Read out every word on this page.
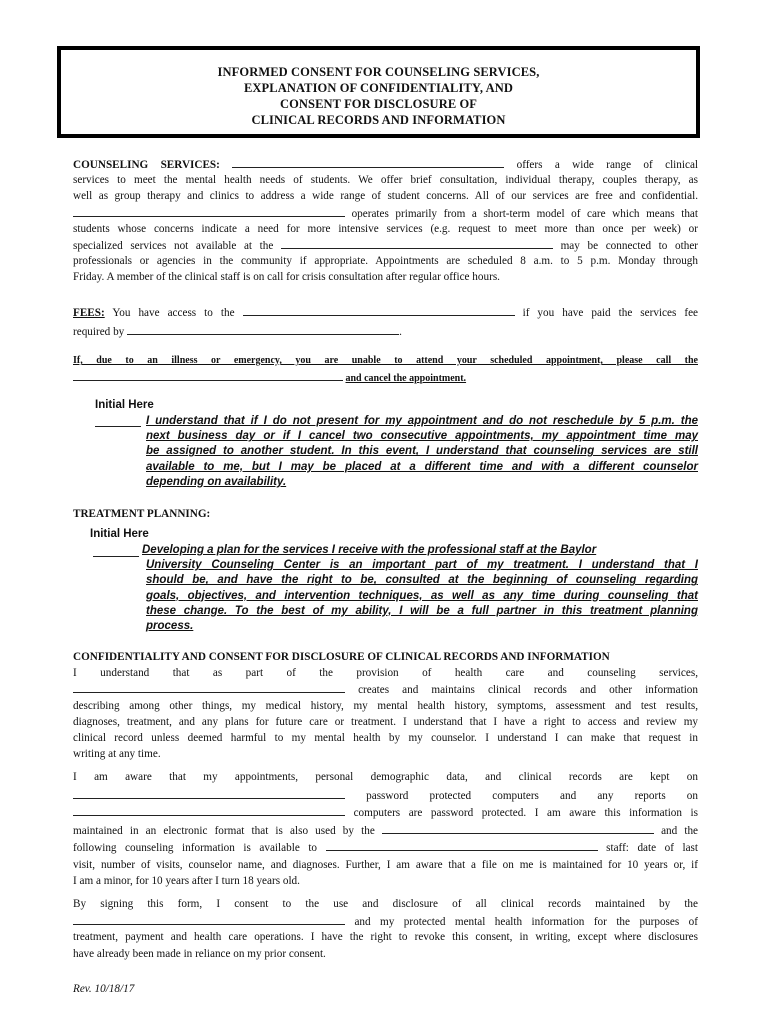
INFORMED CONSENT FOR COUNSELING SERVICES,
EXPLANATION OF CONFIDENTIALITY, AND
CONSENT FOR DISCLOSURE OF
CLINICAL RECORDS AND INFORMATION
COUNSELING SERVICES:	offers a wide range of clinical
services to meet the mental health needs of students. We offer brief consultation, individual therapy, couples therapy, as
well as group therapy and clinics to address a wide range of student concerns. All of our services are free and confidential.
operates primarily from a short-term model of care which means that
students whose concerns indicate a need for more intensive services (e.g. request to meet more than once per week) or
specialized services not available at the	may be connected to other
professionals or agencies in the community if appropriate. Appointments are scheduled 8 a.m. to 5 p.m. Monday through
Friday. A member of the clinical staff is on call for crisis consultation after regular office hours.
FEES: You have access to the	if you have paid the services fee
required by	.
If, due to an illness or emergency, you are unable to attend your scheduled appointment, please call the
and cancel the appointment.
Initial Here
I understand that if I do not present for my appointment and do not reschedule by 5 p.m. the
next business day or if I cancel two consecutive appointments, my appointment time may
be assigned to another student. In this event, I understand that counseling services are still
available to me, but I may be placed at a different time and with a different counselor
depending on availability.
TREATMENT PLANNING:
Initial Here
Developing a plan for the services I receive with the professional staff at the Baylor
University Counseling Center is an important part of my treatment. I understand that I
should be, and have the right to be, consulted at the beginning of counseling regarding
goals, objectives, and intervention techniques, as well as any time during counseling that
these change. To the best of my ability, I will be a full partner in this treatment planning
process.
CONFIDENTIALITY AND CONSENT FOR DISCLOSURE OF CLINICAL RECORDS AND INFORMATION
I understand that as part of the provision of health care and counseling services,
creates and maintains clinical records and other information
describing among other things, my medical history, my mental health history, symptoms, assessment and test results,
diagnoses, treatment, and any plans for future care or treatment. I understand that I have a right to access and review my
clinical record unless deemed harmful to my mental health by my counselor. I understand I can make that request in
writing at any time.
I am aware that my appointments, personal demographic data, and clinical records are kept on
password protected computers and any reports on
computers are password protected. I am aware this information is
maintained in an electronic format that is also used by the	and the
following counseling information is available to	staff: date of last
visit, number of visits, counselor name, and diagnoses. Further, I am aware that a file on me is maintained for 10 years or, if
I am a minor, for 10 years after I turn 18 years old.
By signing this form, I consent to the use and disclosure of all clinical records maintained by the
and my protected mental health information for the purposes of
treatment, payment and health care operations. I have the right to revoke this consent, in writing, except where disclosures
have already been made in reliance on my prior consent.
Rev. 10/18/17
